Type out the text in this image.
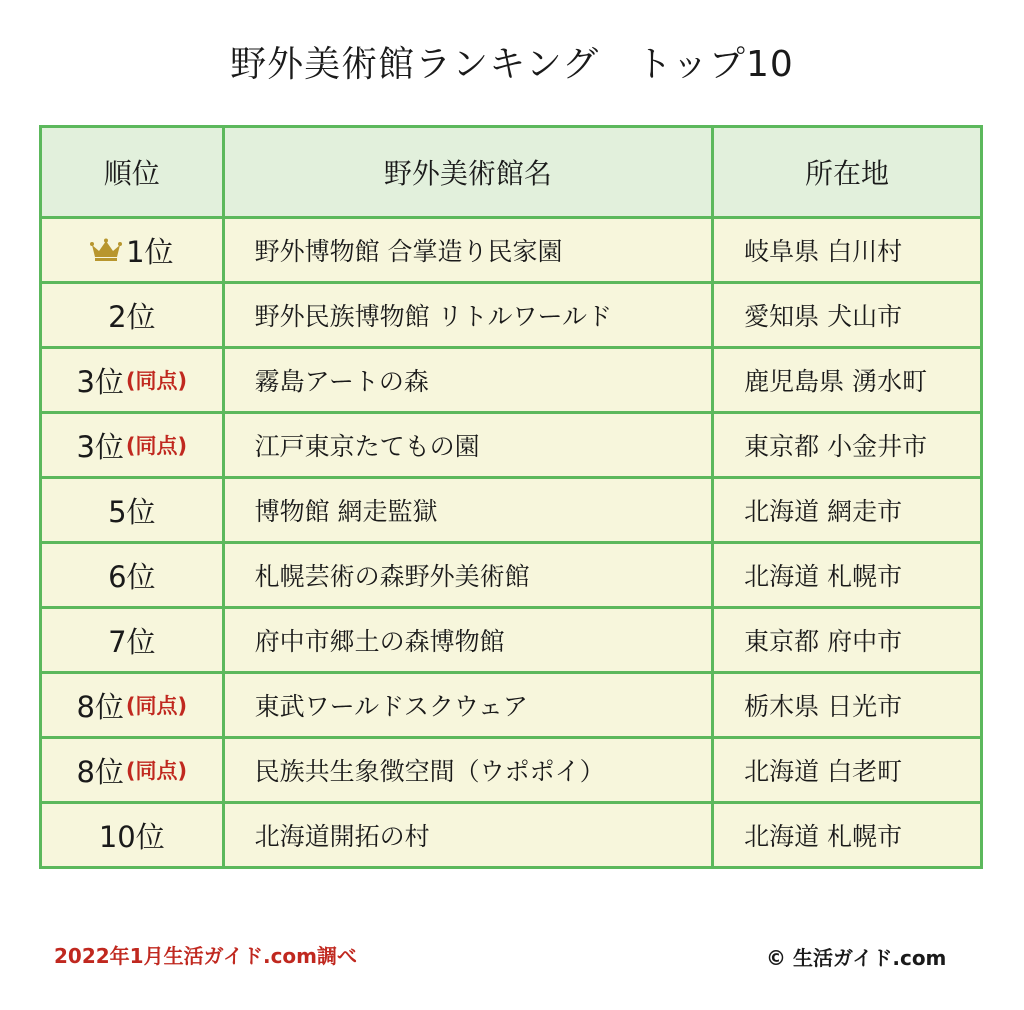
野外美術館ランキング　トップ10
順位	野外美術館名	所在地

1位	野外博物館 合掌造り民家園	岐阜県 白川村

2位	野外民族博物館 リトルワールド	愛知県 犬山市

3位 (同点)	霧島アートの森	鹿児島県 湧水町

3位 (同点)	江戸東京たてもの園	東京都 小金井市

5位	博物館 網走監獄	北海道 網走市

6位	札幌芸術の森野外美術館	北海道 札幌市

7位	府中市郷土の森博物館	東京都 府中市

8位 (同点)	東武ワールドスクウェア	栃木県 日光市

8位 (同点)	民族共生象徴空間（ウポポイ）	北海道 白老町

10位	北海道開拓の村	北海道 札幌市
2022年1月生活ガイド.com調べ	© 生活ガイド.com
